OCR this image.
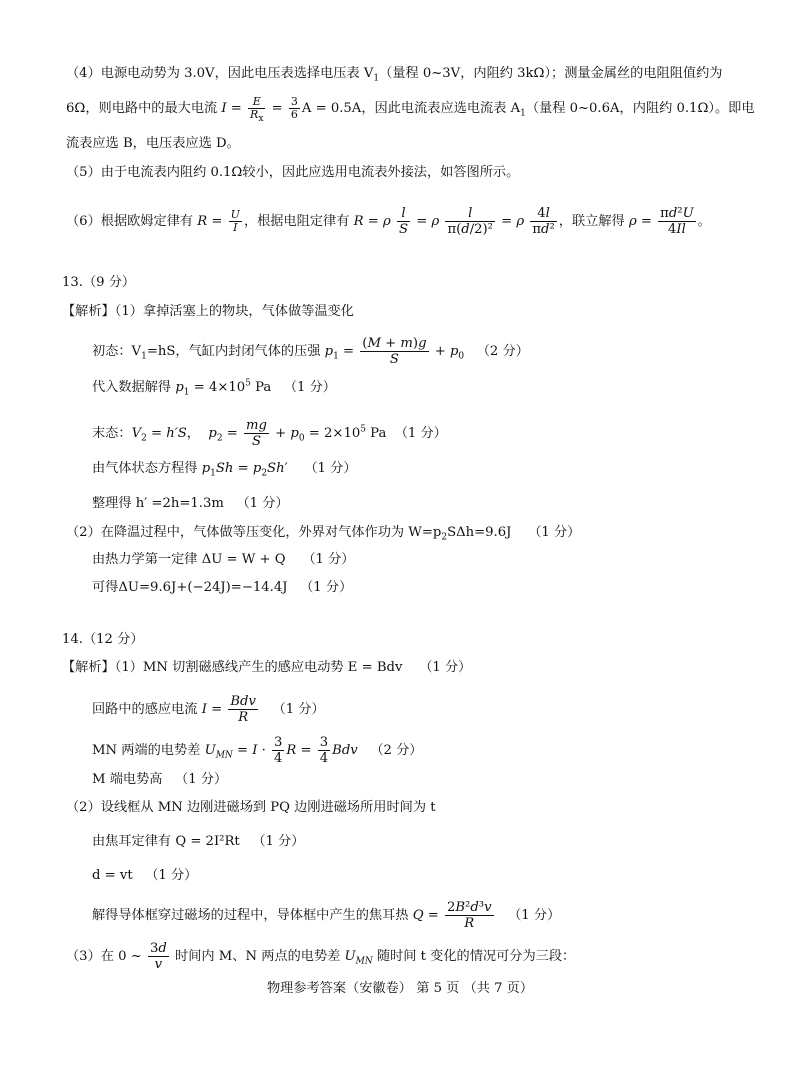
（4）电源电动势为 3.0V，因此电压表选择电压表 $V_1$（量程 0~3V，内阻约 3kΩ）；测量金属丝的电阻阻值约为
6Ω，则电路中的最大电流 $I = \frac{E}{R_x} = \frac{3}{6}$ A = 0.5A，因此电流表应选电流表 $A_1$（量程 0~0.6A，内阻约 0.1Ω）。即电
流表应选 B，电压表应选 D。
（5）由于电流表内阻约 0.1Ω较小，因此应选用电流表外接法，如答图所示。
（6）根据欧姆定律有 $R = \frac{U}{I}$ ，根据电阻定律有 R = ρ $\frac{l}{S} = \rho \frac{l}{\text{π(d/2)²}} = \rho \frac{4l}{\text{πd²}}$ ，联立解得 $\rho = \frac{\text{πd²U}}{4Il}$ 。
13.（9 分）
【解析】（1）拿掉活塞上的物块，气体做等温变化
初态：$V_1=hS$，气缸内封闭气体的压强 $p_1 = \frac{(M + m)g}{S} + p_0$ （2 分）
代入数据解得 $p_1 = 4\times 10^5$ Pa   （1 分）
末态：$V_2 = h'S$，  $p_2 = \frac{mg}{S} + p_0 = 2\times 10^5$ Pa  （1 分）
由气体状态方程得 $p_1Sh = p_2Sh'$ （1 分）
整理得 h′ =2h=1.3m （1 分）
（2）在降温过程中，气体做等压变化，外界对气体作功为 $W=p_2S\Delta h=9.6J$ （1 分）
由热力学第一定律 ΔU = W + Q （1 分）
可得ΔU=9.6J+(−24J)=−14.4J （1 分）
14.（12 分）
【解析】（1）MN 切割磁感线产生的感应电动势 E = Bdv （1 分）
回路中的感应电流 $I = \frac{\text{Bdv}}{R} (1$ 分）
MN 两端的电势差 $U_{MN} = I \cdot \frac{3}{4}$ $R = \frac{3}{4}$ Bdv （2 分）
M 端电势高 （1 分）
（2）设线框从 MN 边刚进磁场到 PQ 边刚进磁场所用时间为 t
由焦耳定律有 Q = 2I²Rt （1 分）
d = vt （1 分）
解得导体框穿过磁场的过程中，导体框中产生的焦耳热 $Q = \frac{\text{2B²d³v}}{R} (1$ 分）
（3）在 0 ~ $\frac{3d}{v}$ 时间内 M、N 两点的电势差 $U_{MN}$ 随时间 t 变化的情况可分为三段：
物理参考答案（安徽卷） 第 5 页 （共 7 页）
